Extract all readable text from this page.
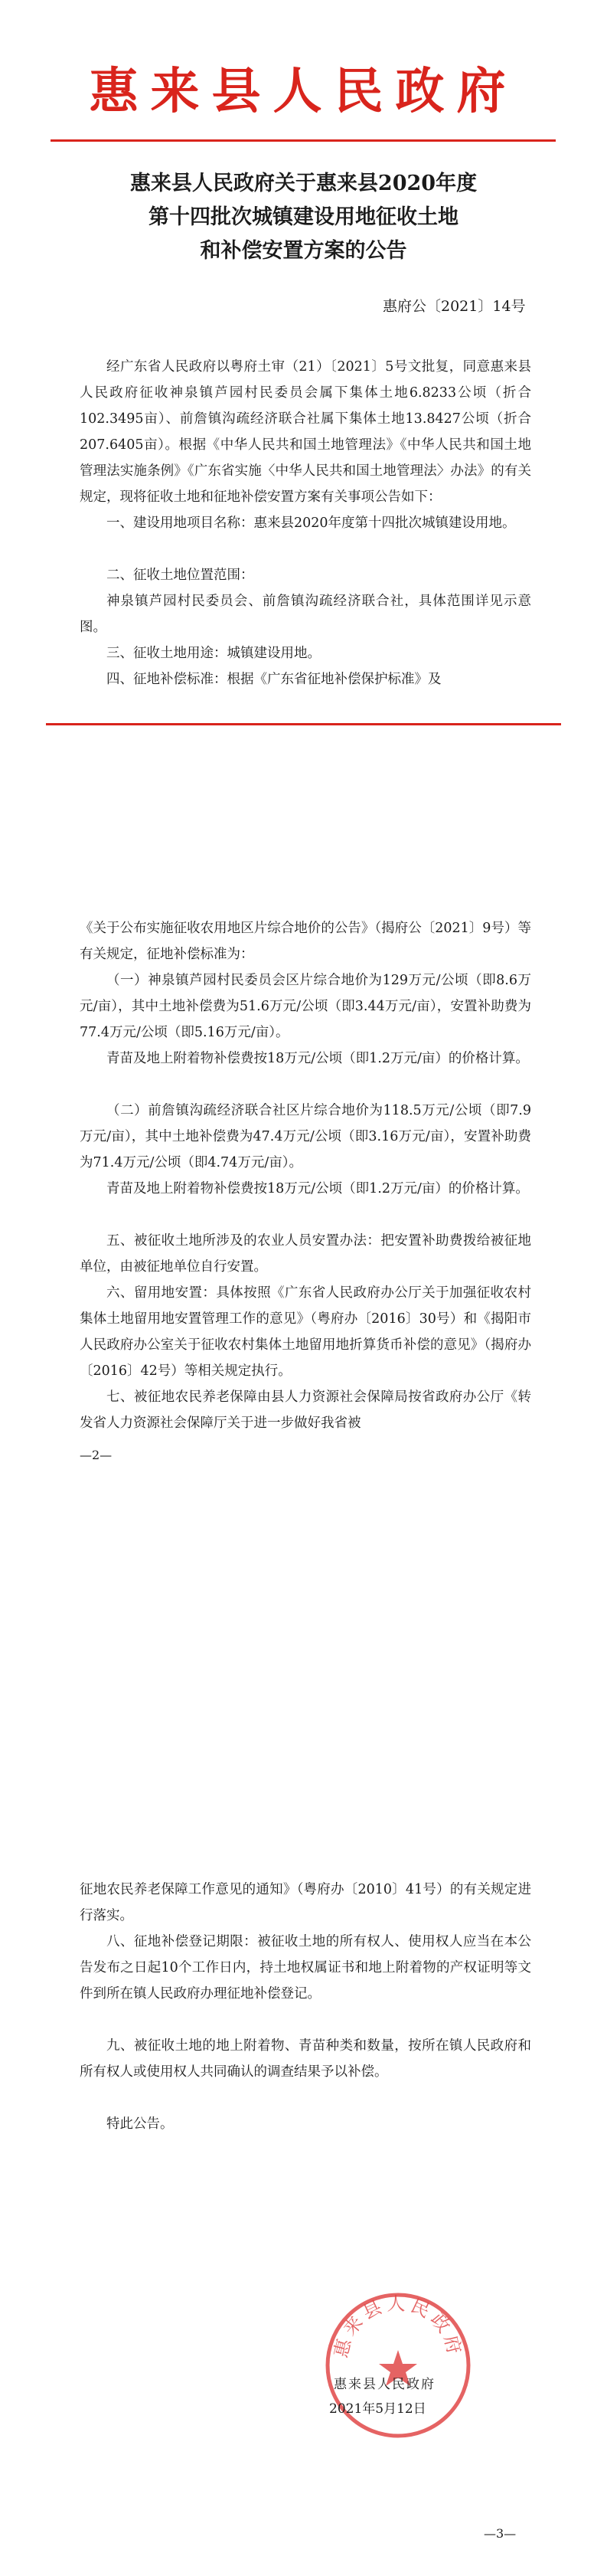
惠来县人民政府
惠来县人民政府关于惠来县2020年度
第十四批次城镇建设用地征收土地
和补偿安置方案的公告
惠府公〔2021〕14号
经广东省人民政府以粤府土审（21）〔2021〕5号文批复，同意惠来县人民政府征收神泉镇芦园村民委员会属下集体土地6.8233公顷（折合102.3495亩）、前詹镇沟疏经济联合社属下集体土地13.8427公顷（折合207.6405亩）。根据《中华人民共和国土地管理法》《中华人民共和国土地管理法实施条例》《广东省实施〈中华人民共和国土地管理法〉办法》的有关规定，现将征收土地和征地补偿安置方案有关事项公告如下：
一、建设用地项目名称：惠来县2020年度第十四批次城镇建设用地。
二、征收土地位置范围：
神泉镇芦园村民委员会、前詹镇沟疏经济联合社，具体范围详见示意图。
三、征收土地用途：城镇建设用地。
四、征地补偿标准：根据《广东省征地补偿保护标准》及
《关于公布实施征收农用地区片综合地价的公告》（揭府公〔2021〕9号）等有关规定，征地补偿标准为：
（一）神泉镇芦园村民委员会区片综合地价为129万元/公顷（即8.6万元/亩），其中土地补偿费为51.6万元/公顷（即3.44万元/亩），安置补助费为77.4万元/公顷（即5.16万元/亩）。
青苗及地上附着物补偿费按18万元/公顷（即1.2万元/亩）的价格计算。
（二）前詹镇沟疏经济联合社区片综合地价为118.5万元/公顷（即7.9万元/亩），其中土地补偿费为47.4万元/公顷（即3.16万元/亩），安置补助费为71.4万元/公顷（即4.74万元/亩）。
青苗及地上附着物补偿费按18万元/公顷（即1.2万元/亩）的价格计算。
五、被征收土地所涉及的农业人员安置办法：把安置补助费拨给被征地单位，由被征地单位自行安置。
六、留用地安置：具体按照《广东省人民政府办公厅关于加强征收农村集体土地留用地安置管理工作的意见》（粤府办〔2016〕30号）和《揭阳市人民政府办公室关于征收农村集体土地留用地折算货币补偿的意见》（揭府办〔2016〕42号）等相关规定执行。
七、被征地农民养老保障由县人力资源社会保障局按省政府办公厅《转发省人力资源社会保障厅关于进一步做好我省被
—2—
征地农民养老保障工作意见的通知》（粤府办〔2010〕41号）的有关规定进行落实。
八、征地补偿登记期限：被征收土地的所有权人、使用权人应当在本公告发布之日起10个工作日内，持土地权属证书和地上附着物的产权证明等文件到所在镇人民政府办理征地补偿登记。
九、被征收土地的地上附着物、青苗种类和数量，按所在镇人民政府和所有权人或使用权人共同确认的调查结果予以补偿。
特此公告。
惠来县人民政府
惠来县人民政府
2021年5月12日
—3—
